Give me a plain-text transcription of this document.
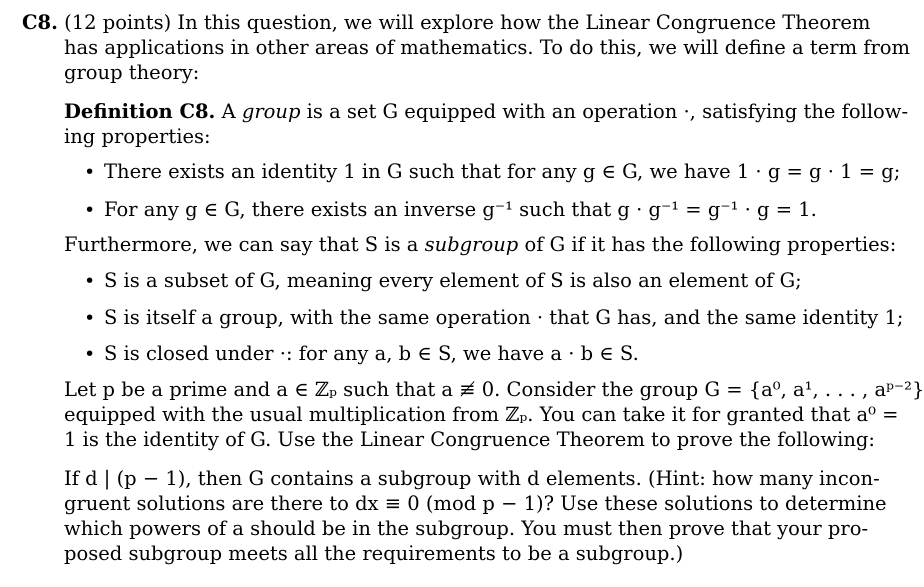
C8. (12 points) In this question, we will explore how the Linear Congruence Theorem
has applications in other areas of mathematics. To do this, we will define a term from
group theory:
Definition C8. A group is a set G equipped with an operation ·, satisfying the follow-
ing properties:
• There exists an identity 1 in G such that for any g ∈ G, we have 1 · g = g · 1 = g;
• For any g ∈ G, there exists an inverse g⁻¹ such that g · g⁻¹ = g⁻¹ · g = 1.
Furthermore, we can say that S is a subgroup of G if it has the following properties:
• S is a subset of G, meaning every element of S is also an element of G;
• S is itself a group, with the same operation · that G has, and the same identity 1;
• S is closed under ·: for any a, b ∈ S, we have a · b ∈ S.
Let p be a prime and a ∈ ℤₚ such that a ≢ 0. Consider the group G = {a⁰, a¹, . . . , aᵖ⁻²}
equipped with the usual multiplication from ℤₚ. You can take it for granted that a⁰ =
1 is the identity of G. Use the Linear Congruence Theorem to prove the following:
If d | (p − 1), then G contains a subgroup with d elements. (Hint: how many incon-
gruent solutions are there to dx ≡ 0 (mod p − 1)? Use these solutions to determine
which powers of a should be in the subgroup. You must then prove that your pro-
posed subgroup meets all the requirements to be a subgroup.)
